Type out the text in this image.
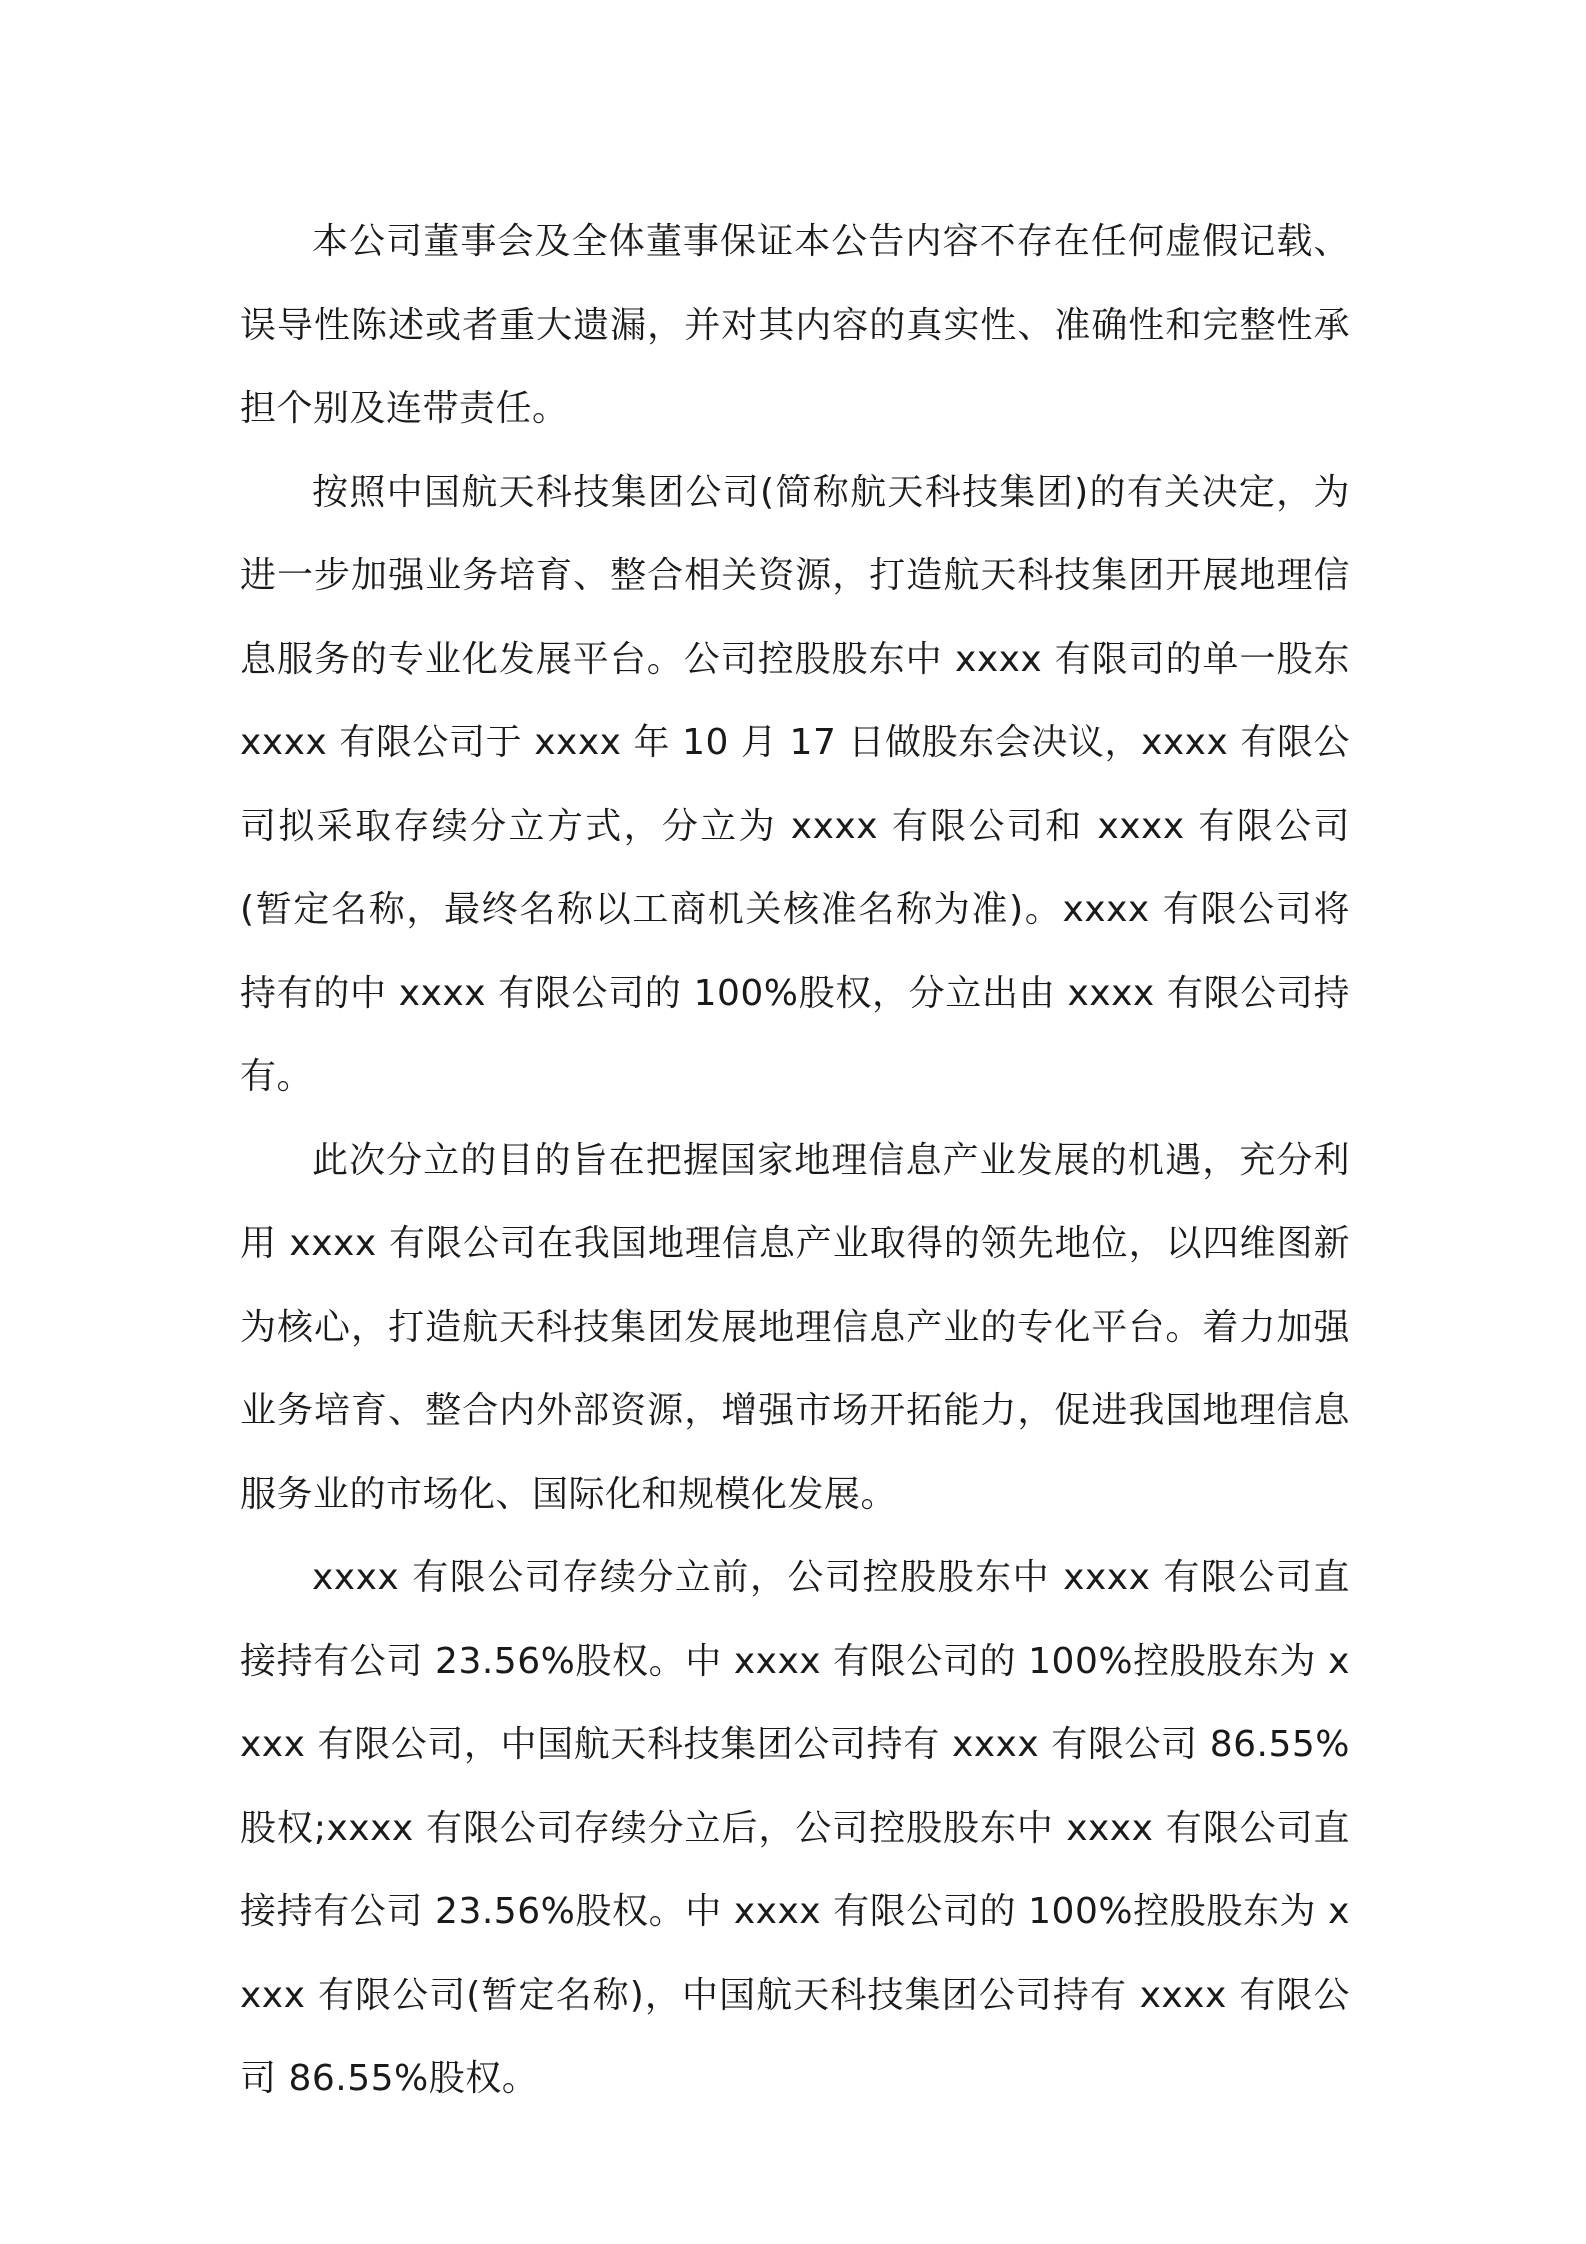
本公司董事会及全体董事保证本公告内容不存在任何虚假记载、误导性陈述或者重大遗漏，并对其内容的真实性、准确性和完整性承担个别及连带责任。

按照中国航天科技集团公司(简称航天科技集团)的有关决定，为进一步加强业务培育、整合相关资源，打造航天科技集团开展地理信息服务的专业化发展平台。公司控股股东中 xxxx 有限司的单一股东 xxxx 有限公司于 xxxx 年 10 月 17 日做股东会决议，xxxx 有限公司拟采取存续分立方式，分立为 xxxx 有限公司和 xxxx 有限公司(暂定名称，最终名称以工商机关核准名称为准)。xxxx 有限公司将持有的中 xxxx 有限公司的 100%股权，分立出由 xxxx 有限公司持有。

此次分立的目的旨在把握国家地理信息产业发展的机遇，充分利用 xxxx 有限公司在我国地理信息产业取得的领先地位，以四维图新为核心，打造航天科技集团发展地理信息产业的专化平台。着力加强业务培育、整合内外部资源，增强市场开拓能力，促进我国地理信息服务业的市场化、国际化和规模化发展。

xxxx 有限公司存续分立前，公司控股股东中 xxxx 有限公司直接持有公司 23.56%股权。中 xxxx 有限公司的 100%控股股东为 xxxx 有限公司，中国航天科技集团公司持有 xxxx 有限公司 86.55%股权;xxxx 有限公司存续分立后，公司控股股东中 xxxx 有限公司直接持有公司 23.56%股权。中 xxxx 有限公司的 100%控股股东为 xxxx 有限公司(暂定名称)，中国航天科技集团公司持有 xxxx 有限公司 86.55%股权。
